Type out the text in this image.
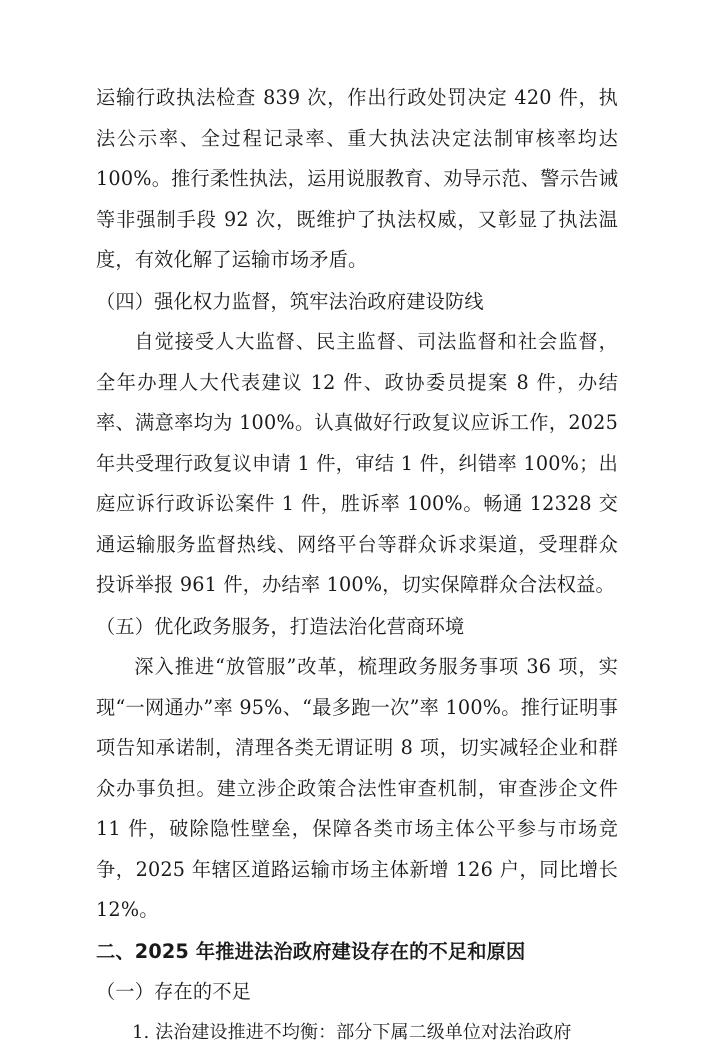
运输行政执法检查 839 次，作出行政处罚决定 420 件，执法公示率、全过程记录率、重大执法决定法制审核率均达 100%。推行柔性执法，运用说服教育、劝导示范、警示告诫等非强制手段 92 次，既维护了执法权威，又彰显了执法温度，有效化解了运输市场矛盾。

（四）强化权力监督，筑牢法治政府建设防线

自觉接受人大监督、民主监督、司法监督和社会监督，全年办理人大代表建议 12 件、政协委员提案 8 件，办结率、满意率均为 100%。认真做好行政复议应诉工作，2025 年共受理行政复议申请 1 件，审结 1 件，纠错率 100%；出庭应诉行政诉讼案件 1 件，胜诉率 100%。畅通 12328 交通运输服务监督热线、网络平台等群众诉求渠道，受理群众投诉举报 961 件，办结率 100%，切实保障群众合法权益。

（五）优化政务服务，打造法治化营商环境

深入推进“放管服”改革，梳理政务服务事项 36 项，实现“一网通办”率 95%、“最多跑一次”率 100%。推行证明事项告知承诺制，清理各类无谓证明 8 项，切实减轻企业和群众办事负担。建立涉企政策合法性审查机制，审查涉企文件 11 件，破除隐性壁垒，保障各类市场主体公平参与市场竞争，2025 年辖区道路运输市场主体新增 126 户，同比增长 12%。

二、2025 年推进法治政府建设存在的不足和原因

（一）存在的不足

1. 法治建设推进不均衡：部分下属二级单位对法治政府
